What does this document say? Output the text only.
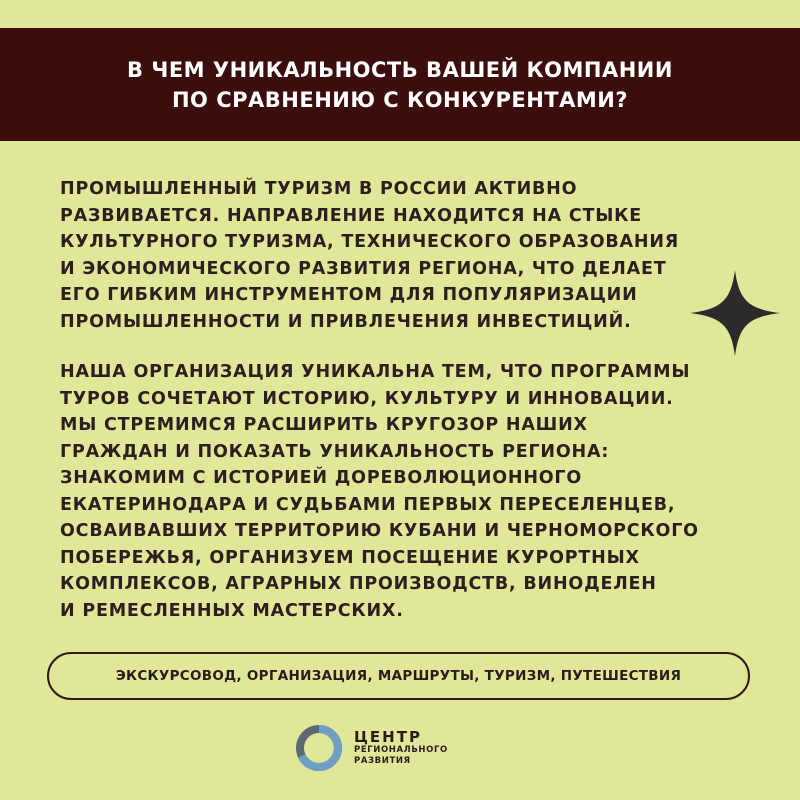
В ЧЕМ УНИКАЛЬНОСТЬ ВАШЕЙ КОМПАНИИ
ПО СРАВНЕНИЮ С КОНКУРЕНТАМИ?
ПРОМЫШЛЕННЫЙ ТУРИЗМ В РОССИИ АКТИВНО
РАЗВИВАЕТСЯ. НАПРАВЛЕНИЕ НАХОДИТСЯ НА СТЫКЕ
КУЛЬТУРНОГО ТУРИЗМА, ТЕХНИЧЕСКОГО ОБРАЗОВАНИЯ
И ЭКОНОМИЧЕСКОГО РАЗВИТИЯ РЕГИОНА, ЧТО ДЕЛАЕТ
ЕГО ГИБКИМ ИНСТРУМЕНТОМ ДЛЯ ПОПУЛЯРИЗАЦИИ
ПРОМЫШЛЕННОСТИ И ПРИВЛЕЧЕНИЯ ИНВЕСТИЦИЙ.
НАША ОРГАНИЗАЦИЯ УНИКАЛЬНА ТЕМ, ЧТО ПРОГРАММЫ
ТУРОВ СОЧЕТАЮТ ИСТОРИЮ, КУЛЬТУРУ И ИННОВАЦИИ.
МЫ СТРЕМИМСЯ РАСШИРИТЬ КРУГОЗОР НАШИХ
ГРАЖДАН И ПОКАЗАТЬ УНИКАЛЬНОСТЬ РЕГИОНА:
ЗНАКОМИМ С ИСТОРИЕЙ ДОРЕВОЛЮЦИОННОГО
ЕКАТЕРИНОДАРА И СУДЬБАМИ ПЕРВЫХ ПЕРЕСЕЛЕНЦЕВ,
ОСВАИВАВШИХ ТЕРРИТОРИЮ КУБАНИ И ЧЕРНОМОРСКОГО
ПОБЕРЕЖЬЯ, ОРГАНИЗУЕМ ПОСЕЩЕНИЕ КУРОРТНЫХ
КОМПЛЕКСОВ, АГРАРНЫХ ПРОИЗВОДСТВ, ВИНОДЕЛЕН
И РЕМЕСЛЕННЫХ МАСТЕРСКИХ.
ЭКСКУРСОВОД, ОРГАНИЗАЦИЯ, МАРШРУТЫ, ТУРИЗМ, ПУТЕШЕСТВИЯ
ЦЕНТР
РЕГИОНАЛЬНОГО
РАЗВИТИЯ
